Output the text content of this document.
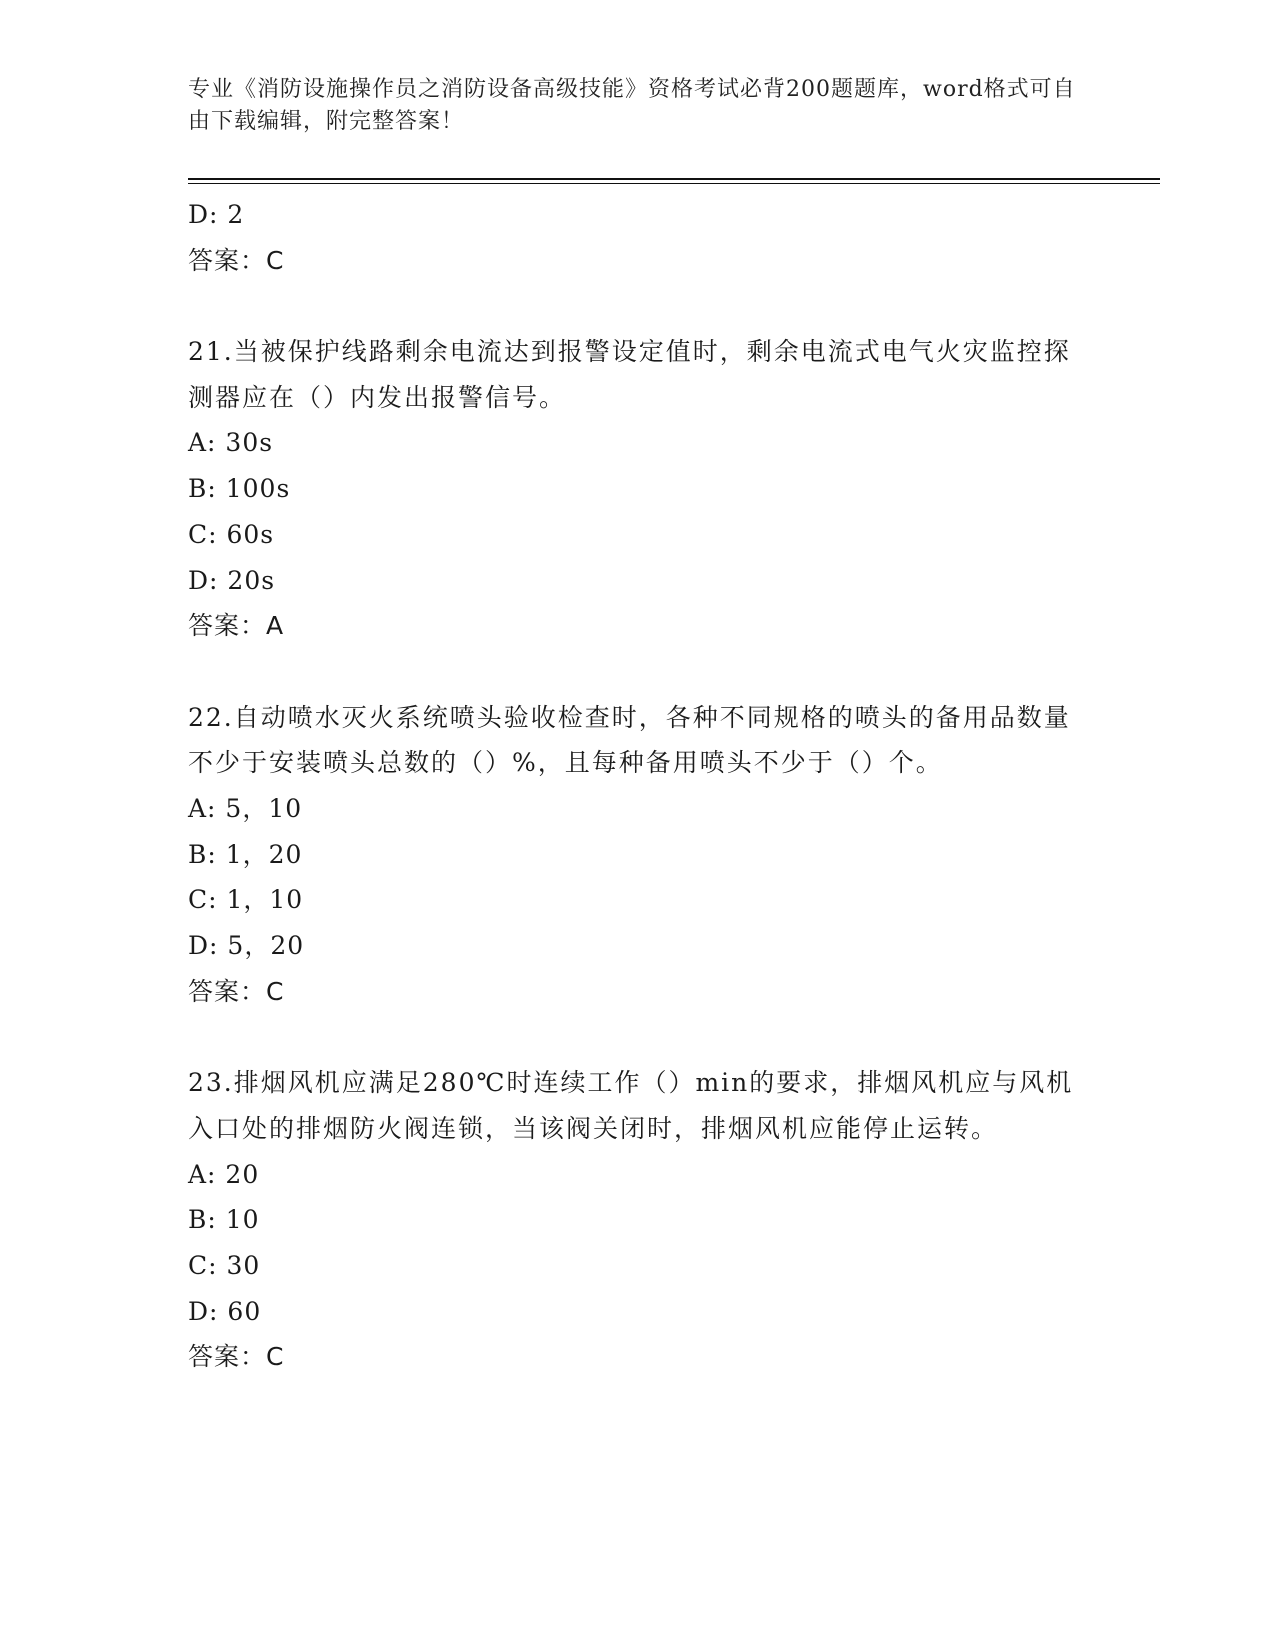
专业《消防设施操作员之消防设备高级技能》资格考试必背200题题库，word格式可自由下载编辑，附完整答案！
D: 2
答案：C
21.当被保护线路剩余电流达到报警设定值时，剩余电流式电气火灾监控探测器应在（）内发出报警信号。
A: 30s
B: 100s
C: 60s
D: 20s
答案：A
22.自动喷水灭火系统喷头验收检查时，各种不同规格的喷头的备用品数量不少于安装喷头总数的（）%，且每种备用喷头不少于（）个。
A: 5，10
B: 1，20
C: 1，10
D: 5，20
答案：C
23.排烟风机应满足280℃时连续工作（）min的要求，排烟风机应与风机入口处的排烟防火阀连锁，当该阀关闭时，排烟风机应能停止运转。
A: 20
B: 10
C: 30
D: 60
答案：C
